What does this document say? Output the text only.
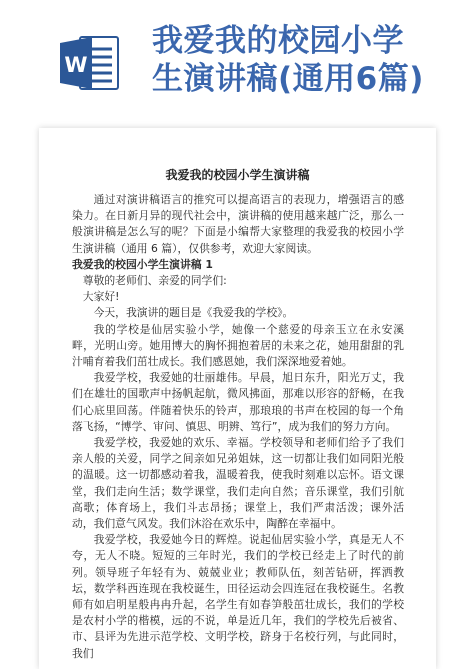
W
我爱我的校园小学
生演讲稿(通用6篇)
我爱我的校园小学生演讲稿

通过对演讲稿语言的推究可以提高语言的表现力，增强语言的感染力。在日新月异的现代社会中，演讲稿的使用越来越广泛，那么一般演讲稿是怎么写的呢？下面是小编帮大家整理的我爱我的校园小学生演讲稿（通用 6 篇），仅供参考，欢迎大家阅读。

我爱我的校园小学生演讲稿 1

尊敬的老师们、亲爱的同学们:

大家好!

今天，我演讲的题目是《我爱我的学校》。

我的学校是仙居实验小学，她像一个慈爱的母亲玉立在永安溪畔，光明山旁。她用博大的胸怀拥抱着居的未来之花，她用甜甜的乳汁哺育着我们茁壮成长。我们感恩她，我们深深地爱着她。

我爱学校，我爱她的壮丽雄伟。早晨，旭日东升，阳光万丈，我们在雄壮的国歌声中扬帆起航，微风拂面，那难以形容的舒畅，在我们心底里回荡。伴随着快乐的铃声，那琅琅的书声在校园的每一个角落飞扬，“博学、审问、慎思、明辨、笃行”，成为我们的努力方向。

我爱学校，我爱她的欢乐、幸福。学校领导和老师们给予了我们亲人般的关爱，同学之间亲如兄弟姐妹，这一切都让我们如同阳光般的温暖。这一切都感动着我，温暖着我，使我时刻难以忘怀。语文课堂，我们走向生活；数学课堂，我们走向自然；音乐课堂，我们引航高歌；体育场上，我们斗志昂扬；课堂上，我们严肃活泼；课外活动，我们意气风发。我们沐浴在欢乐中，陶醉在幸福中。

我爱学校，我爱她今日的辉煌。说起仙居实验小学，真是无人不夸，无人不晓。短短的三年时光，我们的学校已经走上了时代的前列。领导班子年轻有为、兢兢业业；教师队伍，刻苦钻研，挥洒教坛，数学科西连现在我校诞生，田径运动会四连冠在我校诞生。名教师有如启明星般冉冉升起，名学生有如春笋般茁壮成长，我们的学校是农村小学的楷模，远的不说，单是近几年，我们的学校先后被省、市、县评为先进示范学校、文明学校，跻身于名校行列，与此同时，我们
